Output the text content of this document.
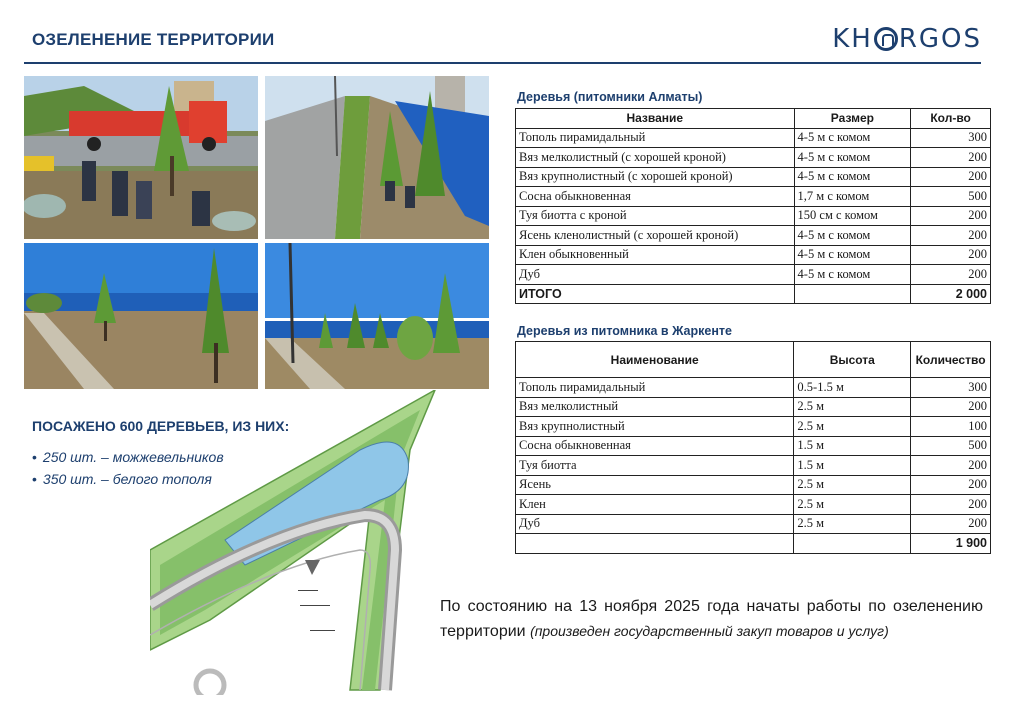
ОЗЕЛЕНЕНИЕ ТЕРРИТОРИИ	KH RGOS
ПОСАЖЕНО 600 ДЕРЕВЬЕВ, ИЗ НИХ:
• 250 шт. – можжевельников
• 350 шт. – белого тополя
Деревья (питомники Алматы)
Название	Размер	Кол-во
Тополь пирамидальный	4-5 м с комом	300
Вяз мелколистный (с хорошей кроной)	4-5 м с комом	200
Вяз крупнолистный (с хорошей кроной)	4-5 м с комом	200
Сосна обыкновенная	1,7 м с комом	500
Туя биотта с кроной	150 см с комом	200
Ясень кленолистный (с хорошей кроной)	4-5 м с комом	200
Клен обыкновенный	4-5 м с комом	200
Дуб	4-5 м с комом	200
ИТОГО		2 000
Деревья из питомника в Жаркенте
Наименование	Высота	Количество
Тополь пирамидальный	0.5-1.5 м	300
Вяз мелколистный	2.5 м	200
Вяз крупнолистный	2.5 м	100
Сосна обыкновенная	1.5 м	500
Туя биотта	1.5 м	200
Ясень	2.5 м	200
Клен	2.5 м	200
Дуб	2.5 м	200
		1 900
По состоянию на 13 ноября 2025 года начаты работы по озеленению территории (произведен государственный закуп товаров и услуг)
